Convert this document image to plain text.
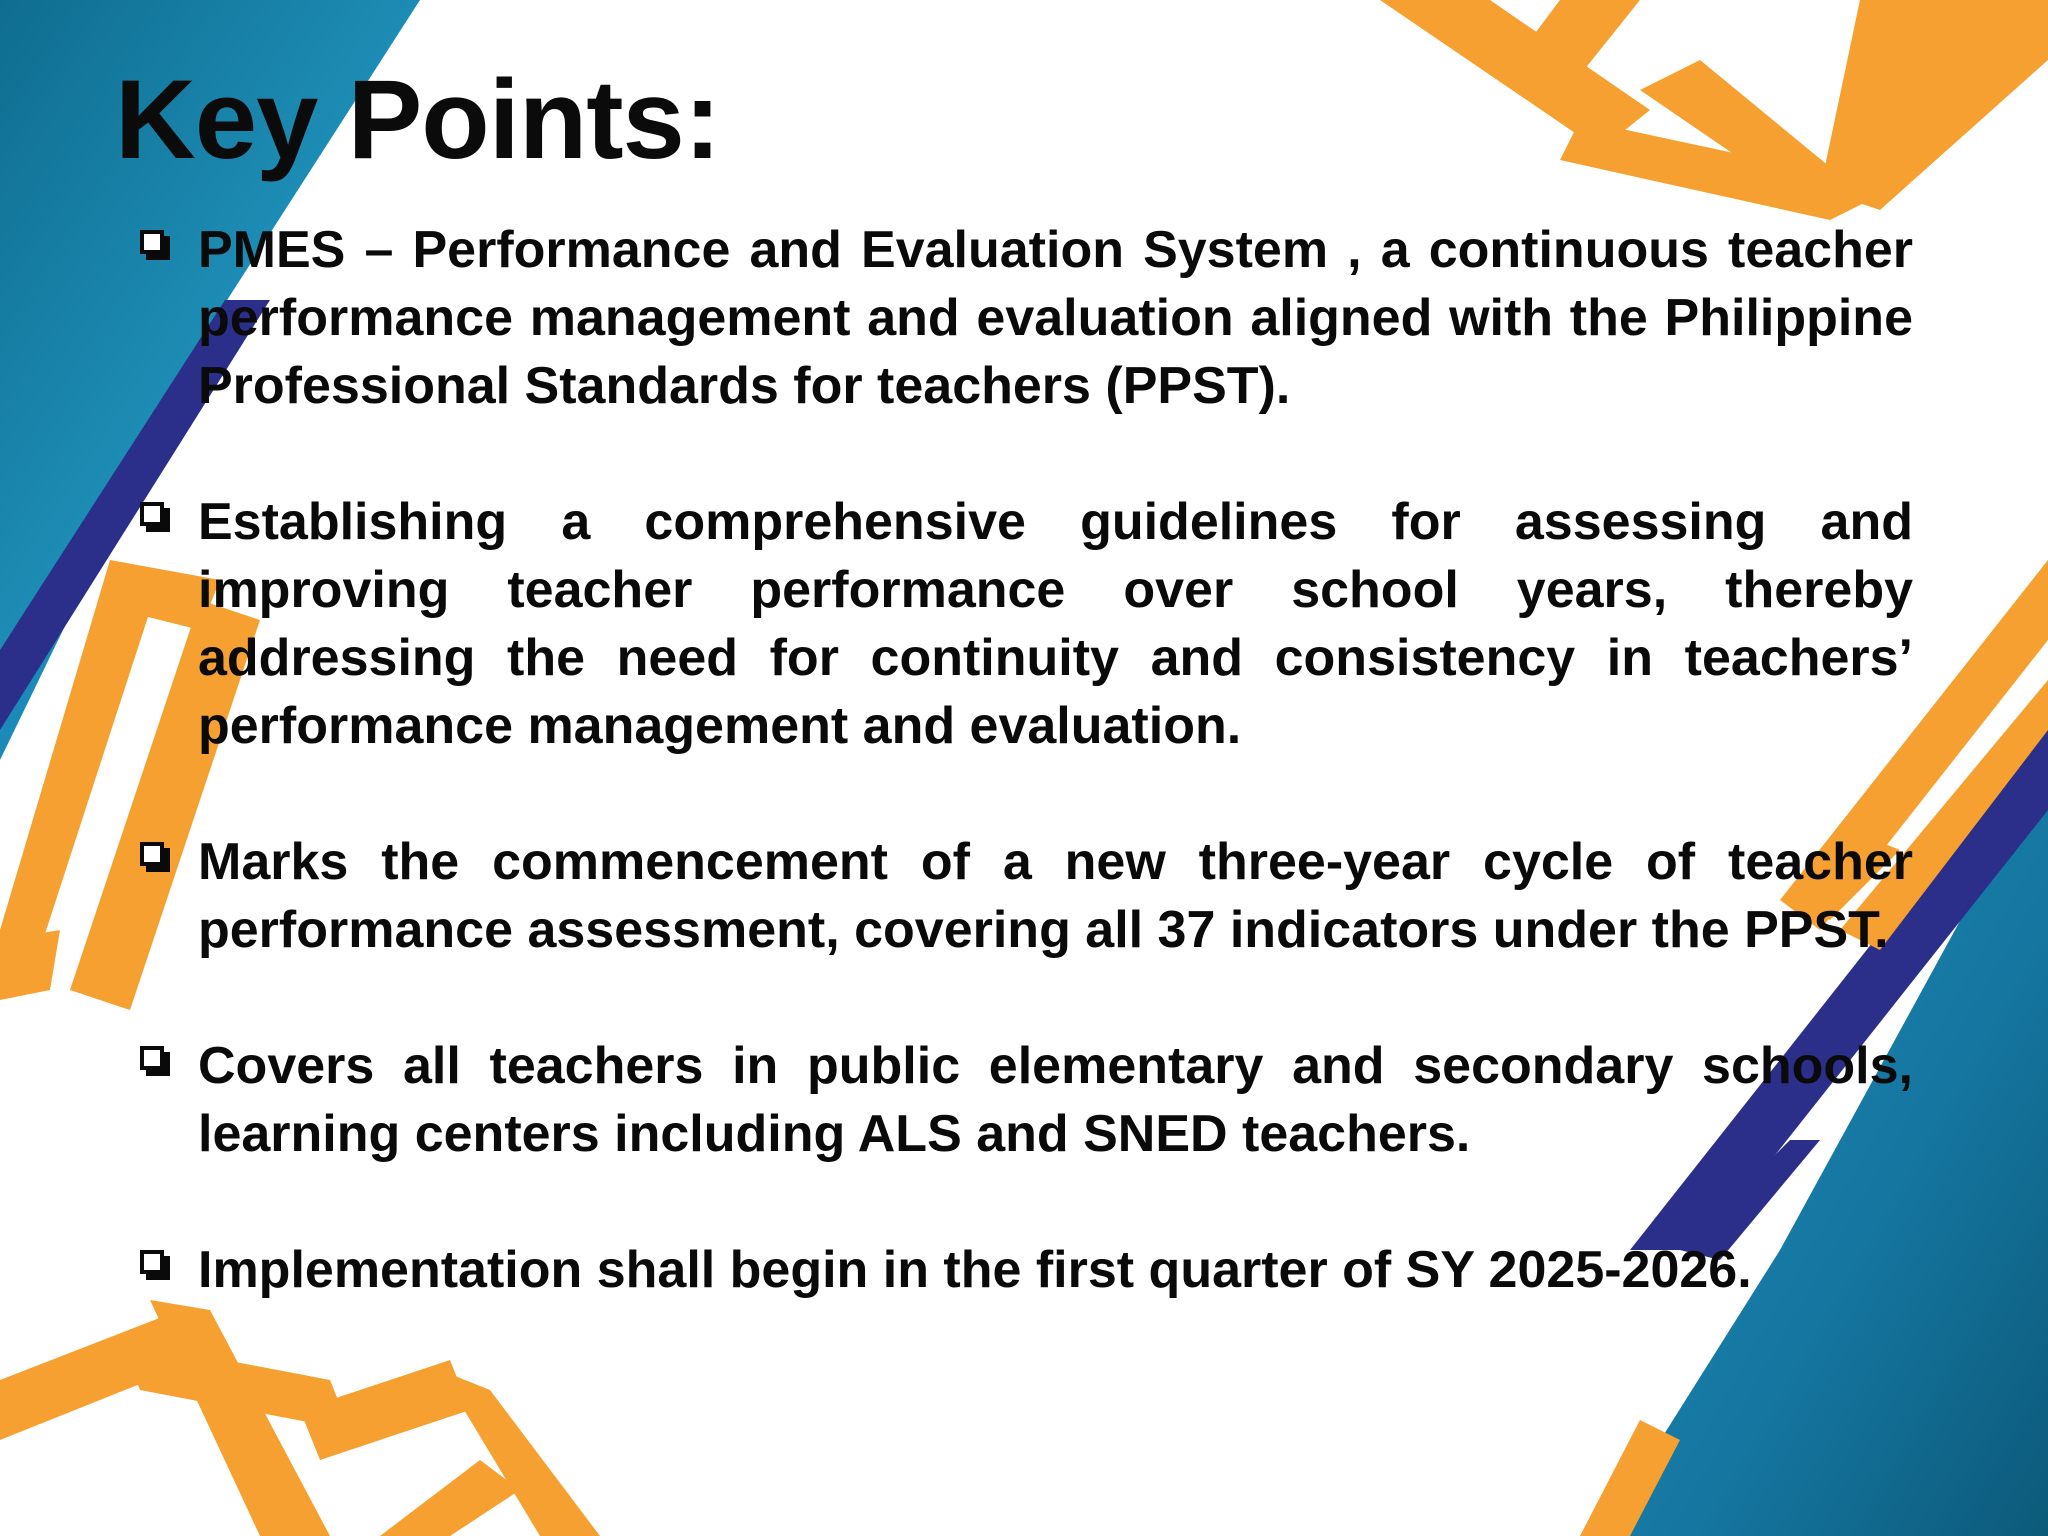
Key Points:
PMES – Performance and Evaluation System , a continuous teacher performance management and evaluation aligned with the Philippine Professional Standards for teachers (PPST).
Establishing a comprehensive guidelines for assessing and improving teacher performance over school years, thereby addressing the need for continuity and consistency in teachers’ performance management and evaluation.
Marks the commencement of a new three-year cycle of teacher performance assessment, covering all 37 indicators under the PPST.
Covers all teachers in public elementary and secondary schools, learning centers including ALS and SNED teachers.
Implementation shall begin in the first quarter of SY 2025-2026.
